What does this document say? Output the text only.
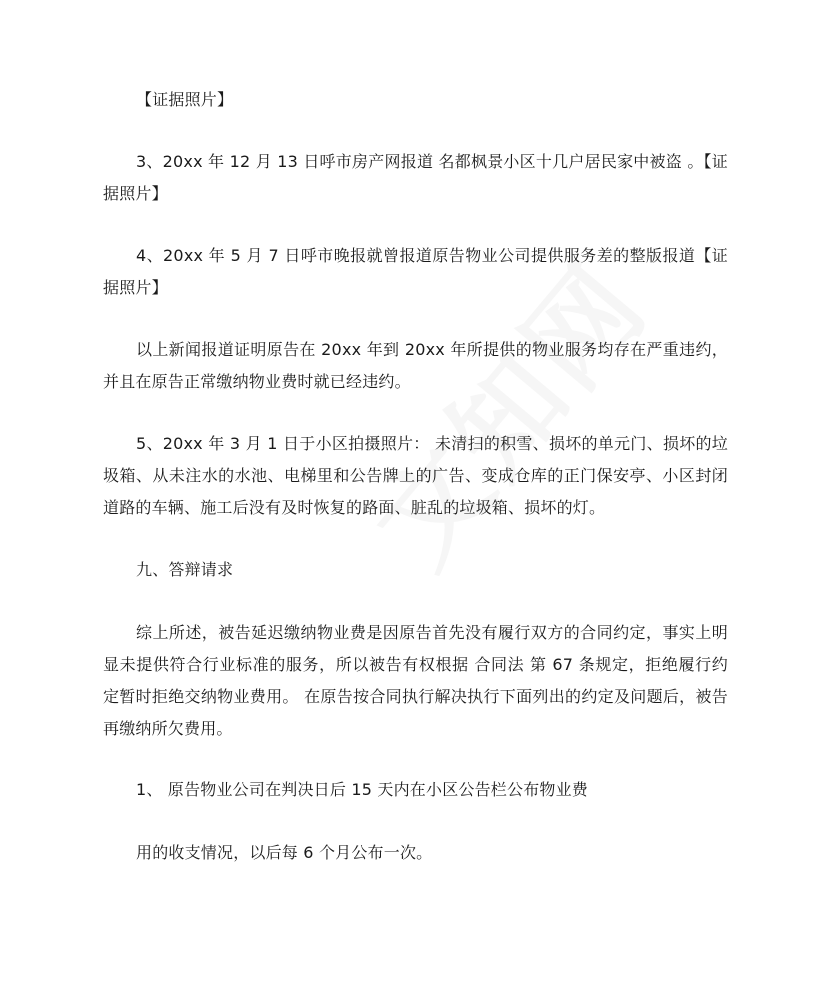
【证据照片】

3、20xx 年 12 月 13 日呼市房产网报道 名都枫景小区十几户居民家中被盗 。【证据照片】

4、20xx 年 5 月 7 日呼市晚报就曾报道原告物业公司提供服务差的整版报道【证据照片】

以上新闻报道证明原告在 20xx 年到 20xx 年所提供的物业服务均存在严重违约，并且在原告正常缴纳物业费时就已经违约。

5、20xx 年 3 月 1 日于小区拍摄照片： 未清扫的积雪、损坏的单元门、损坏的垃圾箱、从未注水的水池、电梯里和公告牌上的广告、变成仓库的正门保安亭、小区封闭道路的车辆、施工后没有及时恢复的路面、脏乱的垃圾箱、损坏的灯。

九、答辩请求

综上所述，被告延迟缴纳物业费是因原告首先没有履行双方的合同约定，事实上明显未提供符合行业标准的服务，所以被告有权根据 合同法 第 67 条规定，拒绝履行约定暂时拒绝交纳物业费用。 在原告按合同执行解决执行下面列出的约定及问题后，被告再缴纳所欠费用。

1、 原告物业公司在判决日后 15 天内在小区公告栏公布物业费

用的收支情况，以后每 6 个月公布一次。
